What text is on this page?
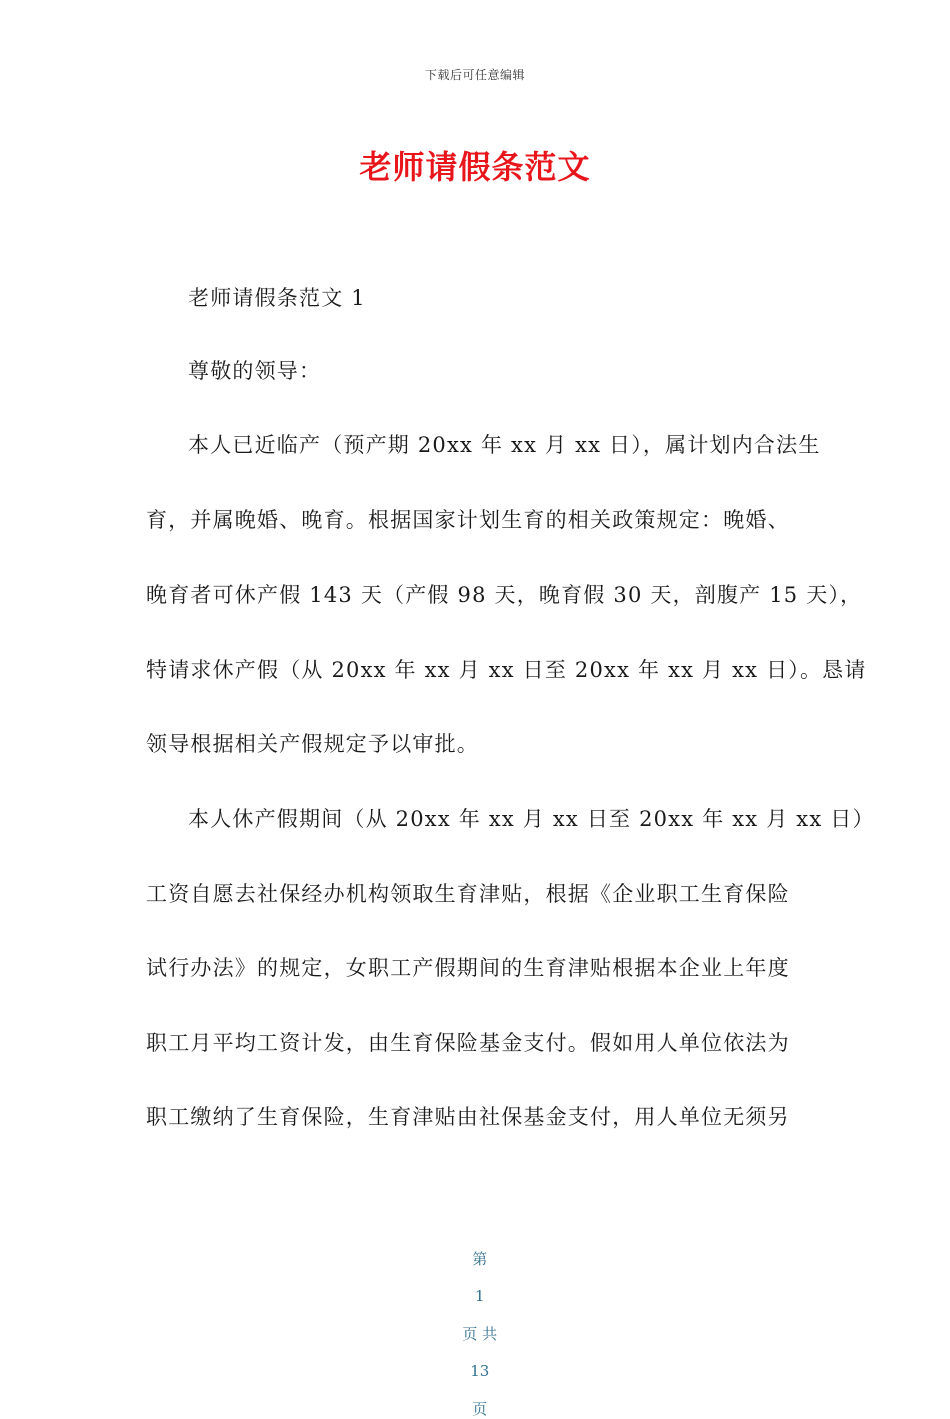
下载后可任意编辑
老师请假条范文
老师请假条范文 1
尊敬的领导：
本人已近临产（预产期 20xx 年 xx 月 xx 日），属计划内合法生
育，并属晚婚、晚育。根据国家计划生育的相关政策规定：晚婚、
晚育者可休产假 143 天（产假 98 天，晚育假 30 天，剖腹产 15 天），
特请求休产假（从 20xx 年 xx 月 xx 日至 20xx 年 xx 月 xx 日）。恳请
领导根据相关产假规定予以审批。
本人休产假期间（从 20xx 年 xx 月 xx 日至 20xx 年 xx 月 xx 日）
工资自愿去社保经办机构领取生育津贴，根据《企业职工生育保险
试行办法》的规定，女职工产假期间的生育津贴根据本企业上年度
职工月平均工资计发，由生育保险基金支付。假如用人单位依法为
职工缴纳了生育保险，生育津贴由社保基金支付，用人单位无须另

第

1

页 共

13

页
